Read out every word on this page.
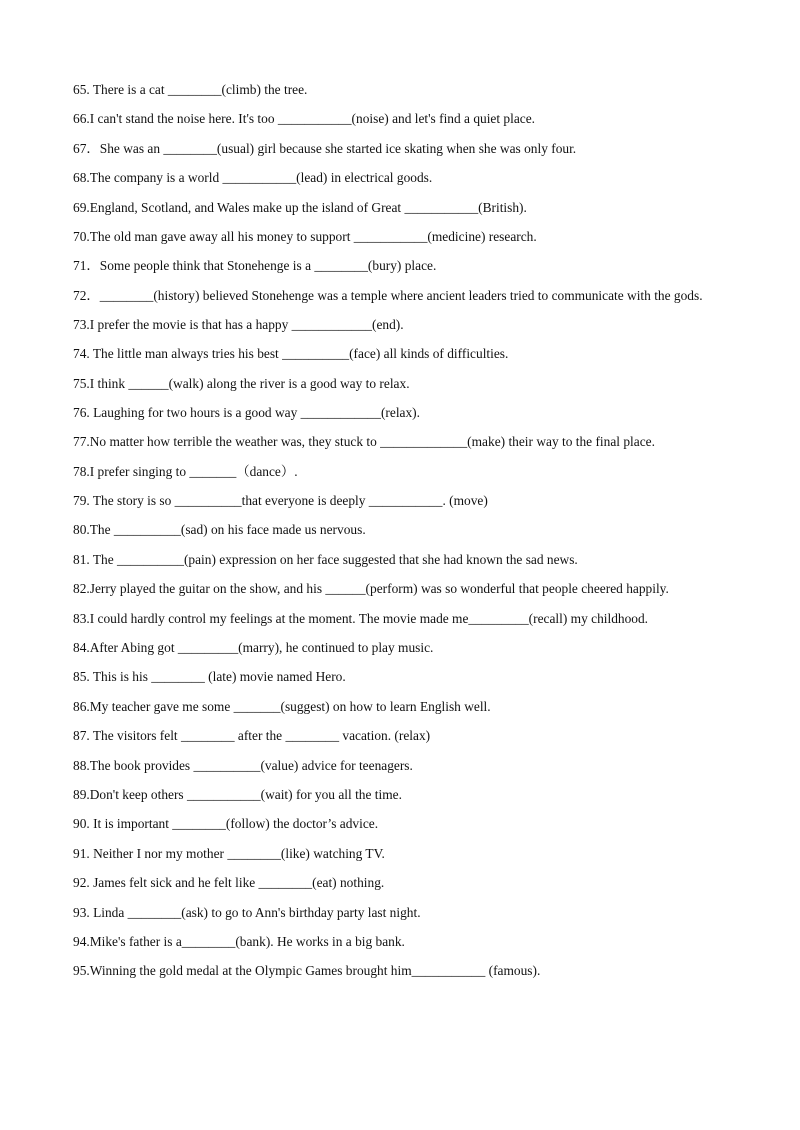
65. There is a cat ________(climb) the tree.
66.I can't stand the noise here. It's too ___________(noise) and let's find a quiet place.
67．She was an ________(usual) girl because she started ice skating when she was only four.
68.The company is a world ___________(lead) in electrical goods.
69.England, Scotland, and Wales make up the island of Great ___________(British).
70.The old man gave away all his money to support ___________(medicine) research.
71．Some people think that Stonehenge is a ________(bury) place.
72．________(history) believed Stonehenge was a temple where ancient leaders tried to communicate with the gods.
73.I prefer the movie is that has a happy ____________(end).
74. The little man always tries his best __________(face) all kinds of difficulties.
75.I think ______(walk) along the river is a good way to relax.
76. Laughing for two hours is a good way ____________(relax).
77.No matter how terrible the weather was, they stuck to _____________(make) their way to the final place.
78.I prefer singing to _______（dance）.
79. The story is so __________that everyone is deeply ___________. (move)
80.The __________(sad) on his face made us nervous.
81. The __________(pain) expression on her face suggested that she had known the sad news.
82.Jerry played the guitar on the show, and his ______(perform) was so wonderful that people cheered happily.
83.I could hardly control my feelings at the moment. The movie made me_________(recall) my childhood.
84.After Abing got _________(marry), he continued to play music.
85. This is his ________ (late) movie named Hero.
86.My teacher gave me some _______(suggest) on how to learn English well.
87. The visitors felt ________ after the ________ vacation. (relax)
88.The book provides __________(value) advice for teenagers.
89.Don't keep others ___________(wait) for you all the time.
90. It is important ________(follow) the doctor’s advice.
91. Neither I nor my mother ________(like) watching TV.
92. James felt sick and he felt like ________(eat) nothing.
93. Linda ________(ask) to go to Ann's birthday party last night.
94.Mike's father is a________(bank). He works in a big bank.
95.Winning the gold medal at the Olympic Games brought him___________ (famous).
